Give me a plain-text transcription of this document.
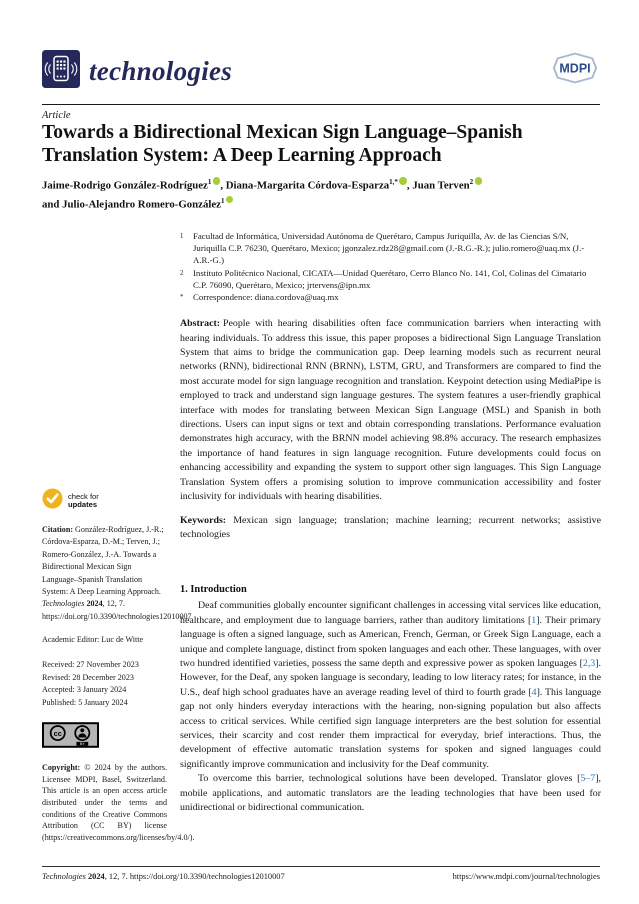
technologies	MDPI
Article
Towards a Bidirectional Mexican Sign Language–Spanish Translation System: A Deep Learning Approach
Jaime-Rodrigo González-Rodríguez$^1$ , Diana-Margarita Córdova-Esparza$^{1,*}$ , Juan Terven$^2$
and Julio-Alejandro Romero-González$^1$
1	Facultad de Informática, Universidad Autónoma de Querétaro, Campus Juriquilla, Av. de las Ciencias S/N, Juriquilla C.P. 76230, Querétaro, Mexico; jgonzalez.rdz28@gmail.com (J.-R.G.-R.); julio.romero@uaq.mx (J.-A.R.-G.)
2	Instituto Politécnico Nacional, CICATA—Unidad Querétaro, Cerro Blanco No. 141, Col, Colinas del Cimatario C.P. 76090, Querétaro, Mexico; jrtervens@ipn.mx
*	Correspondence: diana.cordova@uaq.mx

Abstract: People with hearing disabilities often face communication barriers when interacting with hearing individuals. To address this issue, this paper proposes a bidirectional Sign Language Translation System that aims to bridge the communication gap. Deep learning models such as recurrent neural networks (RNN), bidirectional RNN (BRNN), LSTM, GRU, and Transformers are compared to find the most accurate model for sign language recognition and translation. Keypoint detection using MediaPipe is employed to track and understand sign language gestures. The system features a user-friendly graphical interface with modes for translating between Mexican Sign Language (MSL) and Spanish in both directions. Users can input signs or text and obtain corresponding translations. Performance evaluation demonstrates high accuracy, with the BRNN model achieving 98.8% accuracy. The research emphasizes the importance of hand features in sign language recognition. Future developments could focus on enhancing accessibility and expanding the system to support other sign languages. This Sign Language Translation System offers a promising solution to improve communication accessibility and foster inclusivity for individuals with hearing disabilities.

Keywords: Mexican sign language; translation; machine learning; recurrent networks; assistive technologies

1. Introduction

Deaf communities globally encounter significant challenges in accessing vital services like education, healthcare, and employment due to language barriers, rather than auditory limitations [1]. Their primary language is often a signed language, such as American, French, German, or Greek Sign Language, each a unique and complete language, distinct from spoken languages and each other. These languages, with over two hundred identified varieties, possess the same depth and expressive power as spoken languages [2,3]. However, for the Deaf, any spoken language is secondary, leading to low literacy rates; for instance, in the U.S., deaf high school graduates have an average reading level of third to fourth grade [4]. This language gap not only hinders everyday interactions with the hearing, non-signing population but also affects access to critical services. While certified sign language interpreters are the best solution for essential services, their scarcity and cost render them impractical for everyday, brief interactions. Thus, the development of effective automatic translation systems for spoken and signed languages could significantly improve communication and inclusivity for the Deaf community.

To overcome this barrier, technological solutions have been developed. Translator gloves [5–7], mobile applications, and automatic translators are the leading technologies that have been used for unidirectional or bidirectional communication.

check for
updates
Citation: González-Rodríguez, J.-R.; Córdova-Esparza, D.-M.; Terven, J.; Romero-González, J.-A. Towards a Bidirectional Mexican Sign Language–Spanish Translation System: A Deep Learning Approach. Technologies 2024, 12, 7. https://doi.org/10.3390/technologies12010007
Academic Editor: Luc de Witte
Received: 27 November 2023
Revised: 28 December 2023
Accepted: 3 January 2024
Published: 5 January 2024
cc
BY
Copyright: © 2024 by the authors. Licensee MDPI, Basel, Switzerland. This article is an open access article distributed under the terms and conditions of the Creative Commons Attribution (CC BY) license (https://creativecommons.org/licenses/by/4.0/).
Technologies 2024, 12, 7. https://doi.org/10.3390/technologies12010007	https://www.mdpi.com/journal/technologies
